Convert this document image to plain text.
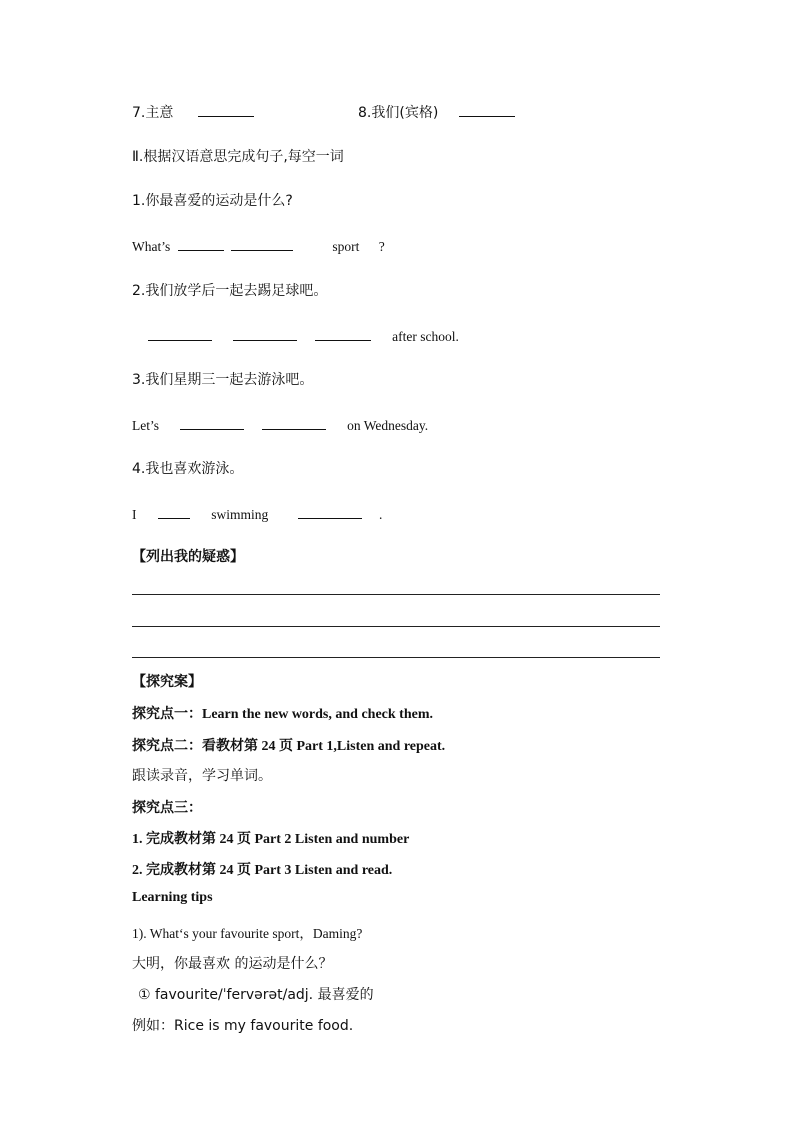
7.主意	8.我们(宾格)
Ⅱ.根据汉语意思完成句子,每空一词
1.你最喜爱的运动是什么?
What’s	sport ?
2.我们放学后一起去踢足球吧。
after school.
3.我们星期三一起去游泳吧。
Let’s	on Wednesday.
4.我也喜欢游泳。
I	swimming	.
【列出我的疑惑】
【探究案】
探究点一：Learn the new words, and check them.
探究点二：看教材第 24 页 Part 1,Listen and repeat.
跟读录音，学习单词。
探究点三：
1. 完成教材第 24 页 Part 2 Listen and number
2. 完成教材第 24 页 Part 3 Listen and read.
Learning tips
1). What‘s your favourite sport，Daming?
大明，你最喜欢 的运动是什么？
① favourite/ˈfervərət/adj. 最喜爱的
例如：Rice is my favourite food.
